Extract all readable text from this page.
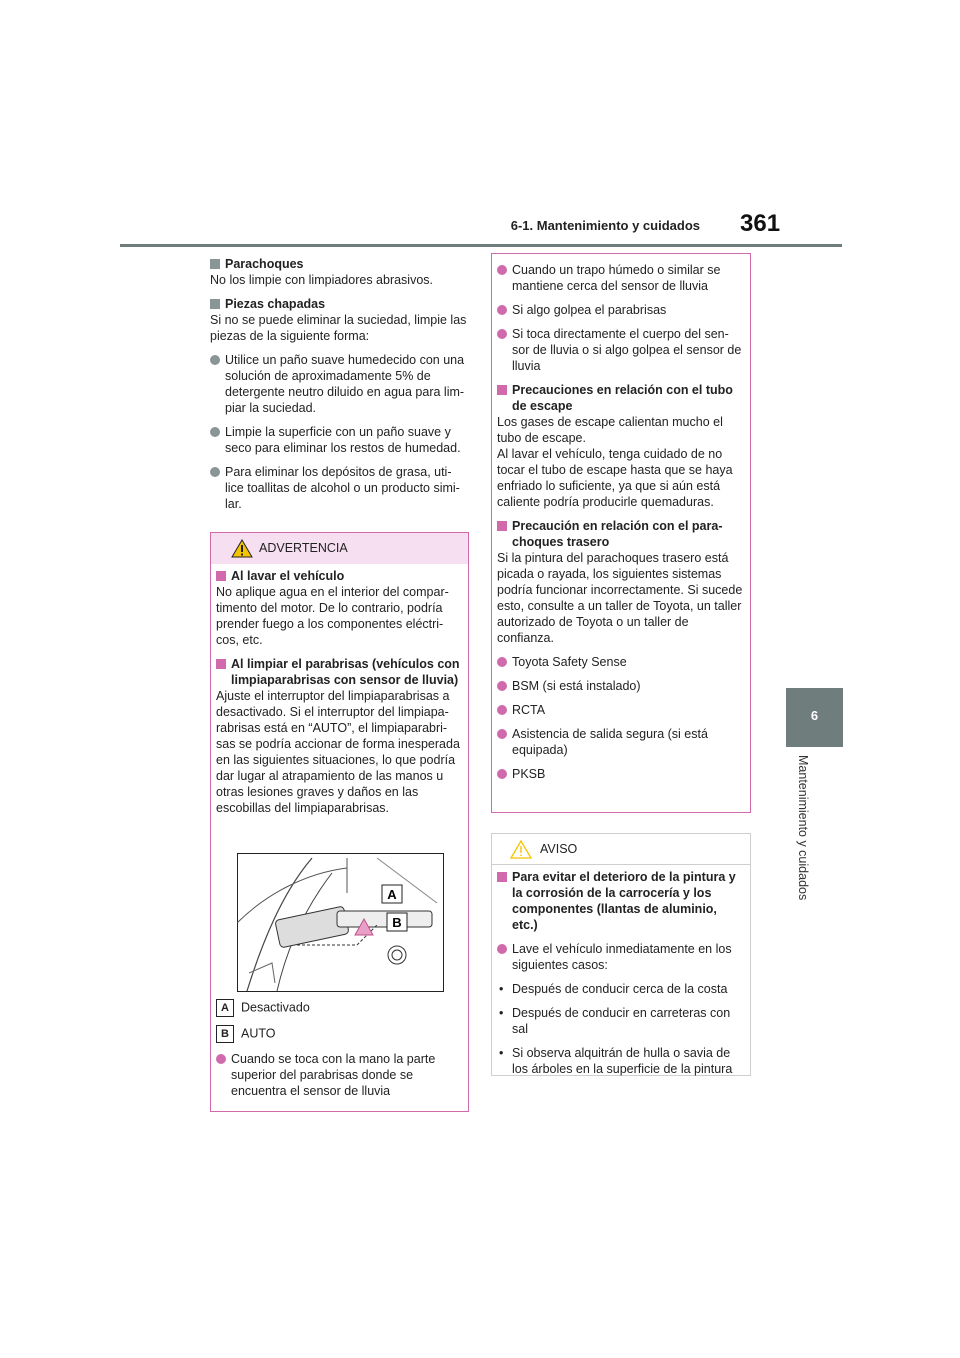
6-1. Mantenimiento y cuidados 361
6
Mantenimiento y cuidados

Parachoques

No los limpie con limpiadores abrasivos.

Piezas chapadas

Si no se puede eliminar la suciedad, limpie las piezas de la siguiente forma:

Utilice un paño suave humedecido con una solución de aproximadamente 5% de detergente neutro diluido en agua para lim-piar la suciedad.

Limpie la superficie con un paño suave y seco para eliminar los restos de humedad.

Para eliminar los depósitos de grasa, uti-lice toallitas de alcohol o un producto simi-lar.

ADVERTENCIA

Al lavar el vehículo

No aplique agua en el interior del compar-timento del motor. De lo contrario, podría prender fuego a los componentes eléctri-cos, etc.

Al limpiar el parabrisas (vehículos con limpiaparabrisas con sensor de lluvia)

Ajuste el interruptor del limpiaparabrisas a desactivado. Si el interruptor del limpiapa-rabrisas está en “AUTO”, el limpiaparabri-sas se podría accionar de forma inesperada en las siguientes situaciones, lo que podría dar lugar al atrapamiento de las manos u otras lesiones graves y daños en las escobillas del limpiaparabrisas.

A
B

A Desactivado

B AUTO

Cuando se toca con la mano la parte superior del parabrisas donde se encuentra el sensor de lluvia

Cuando un trapo húmedo o similar se mantiene cerca del sensor de lluvia

Si algo golpea el parabrisas

Si toca directamente el cuerpo del sen-sor de lluvia o si algo golpea el sensor de lluvia

Precauciones en relación con el tubo de escape

Los gases de escape calientan mucho el tubo de escape.

Al lavar el vehículo, tenga cuidado de no tocar el tubo de escape hasta que se haya enfriado lo suficiente, ya que si aún está caliente podría producirle quemaduras.

Precaución en relación con el para-choques trasero

Si la pintura del parachoques trasero está picada o rayada, los siguientes sistemas podría funcionar incorrectamente. Si sucede esto, consulte a un taller de Toyota, un taller autorizado de Toyota o un taller de confianza.

Toyota Safety Sense

BSM (si está instalado)

RCTA

Asistencia de salida segura (si está equipada)

PKSB

AVISO

Para evitar el deterioro de la pintura y la corrosión de la carrocería y los componentes (llantas de aluminio, etc.)

Lave el vehículo inmediatamente en los siguientes casos:

• Después de conducir cerca de la costa

• Después de conducir en carreteras con sal

• Si observa alquitrán de hulla o savia de los árboles en la superficie de la pintura
